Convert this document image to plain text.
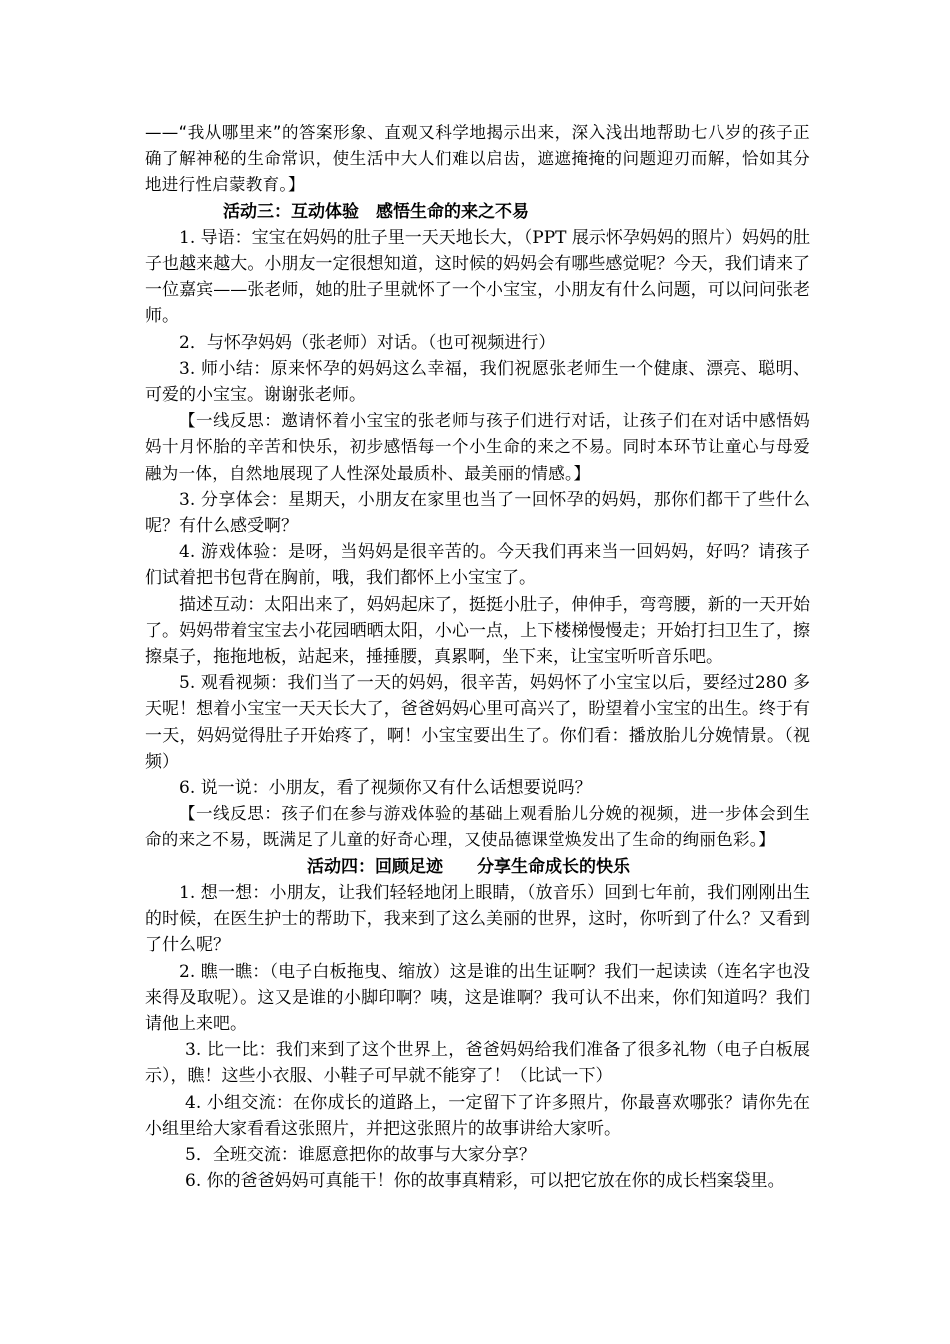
——“我从哪里来”的答案形象、直观又科学地揭示出来，深入浅出地帮助七八岁的孩子正确了解神秘的生命常识，使生活中大人们难以启齿，遮遮掩掩的问题迎刃而解，恰如其分地进行性启蒙教育。】

活动三：互动体验　感悟生命的来之不易

1. 导语：宝宝在妈妈的肚子里一天天地长大，（PPT 展示怀孕妈妈的照片）妈妈的肚子也越来越大。小朋友一定很想知道，这时候的妈妈会有哪些感觉呢？今天，我们请来了一位嘉宾——张老师，她的肚子里就怀了一个小宝宝，小朋友有什么问题，可以问问张老师。

2．与怀孕妈妈（张老师）对话。（也可视频进行）

3. 师小结：原来怀孕的妈妈这么幸福，我们祝愿张老师生一个健康、漂亮、聪明、可爱的小宝宝。谢谢张老师。

【一线反思：邀请怀着小宝宝的张老师与孩子们进行对话，让孩子们在对话中感悟妈妈十月怀胎的辛苦和快乐，初步感悟每一个小生命的来之不易。同时本环节让童心与母爱融为一体，自然地展现了人性深处最质朴、最美丽的情感。】

3. 分享体会：星期天，小朋友在家里也当了一回怀孕的妈妈，那你们都干了些什么呢？有什么感受啊？

4. 游戏体验：是呀，当妈妈是很辛苦的。今天我们再来当一回妈妈，好吗？请孩子们试着把书包背在胸前，哦，我们都怀上小宝宝了。

描述互动：太阳出来了，妈妈起床了，挺挺小肚子，伸伸手，弯弯腰，新的一天开始了。妈妈带着宝宝去小花园晒晒太阳，小心一点，上下楼梯慢慢走；开始打扫卫生了，擦擦桌子，拖拖地板，站起来，捶捶腰，真累啊，坐下来，让宝宝听听音乐吧。

5. 观看视频：我们当了一天的妈妈，很辛苦，妈妈怀了小宝宝以后，要经过280 多天呢！想着小宝宝一天天长大了，爸爸妈妈心里可高兴了，盼望着小宝宝的出生。终于有一天，妈妈觉得肚子开始疼了，啊！小宝宝要出生了。你们看：播放胎儿分娩情景。（视频）

6. 说一说：小朋友，看了视频你又有什么话想要说吗？

【一线反思：孩子们在参与游戏体验的基础上观看胎儿分娩的视频，进一步体会到生命的来之不易，既满足了儿童的好奇心理，又使品德课堂焕发出了生命的绚丽色彩。】

活动四：回顾足迹　　分享生命成长的快乐

1. 想一想：小朋友，让我们轻轻地闭上眼睛，（放音乐）回到七年前，我们刚刚出生的时候，在医生护士的帮助下，我来到了这么美丽的世界，这时，你听到了什么？又看到了什么呢？

2. 瞧一瞧：（电子白板拖曳、缩放）这是谁的出生证啊？我们一起读读（连名字也没来得及取呢）。这又是谁的小脚印啊？咦，这是谁啊？我可认不出来，你们知道吗？我们请他上来吧。

3. 比一比：我们来到了这个世界上，爸爸妈妈给我们准备了很多礼物（电子白板展示），瞧！这些小衣服、小鞋子可早就不能穿了！（比试一下）

4. 小组交流：在你成长的道路上，一定留下了许多照片，你最喜欢哪张？请你先在小组里给大家看看这张照片，并把这张照片的故事讲给大家听。

5．全班交流：谁愿意把你的故事与大家分享？

6. 你的爸爸妈妈可真能干！你的故事真精彩，可以把它放在你的成长档案袋里。
